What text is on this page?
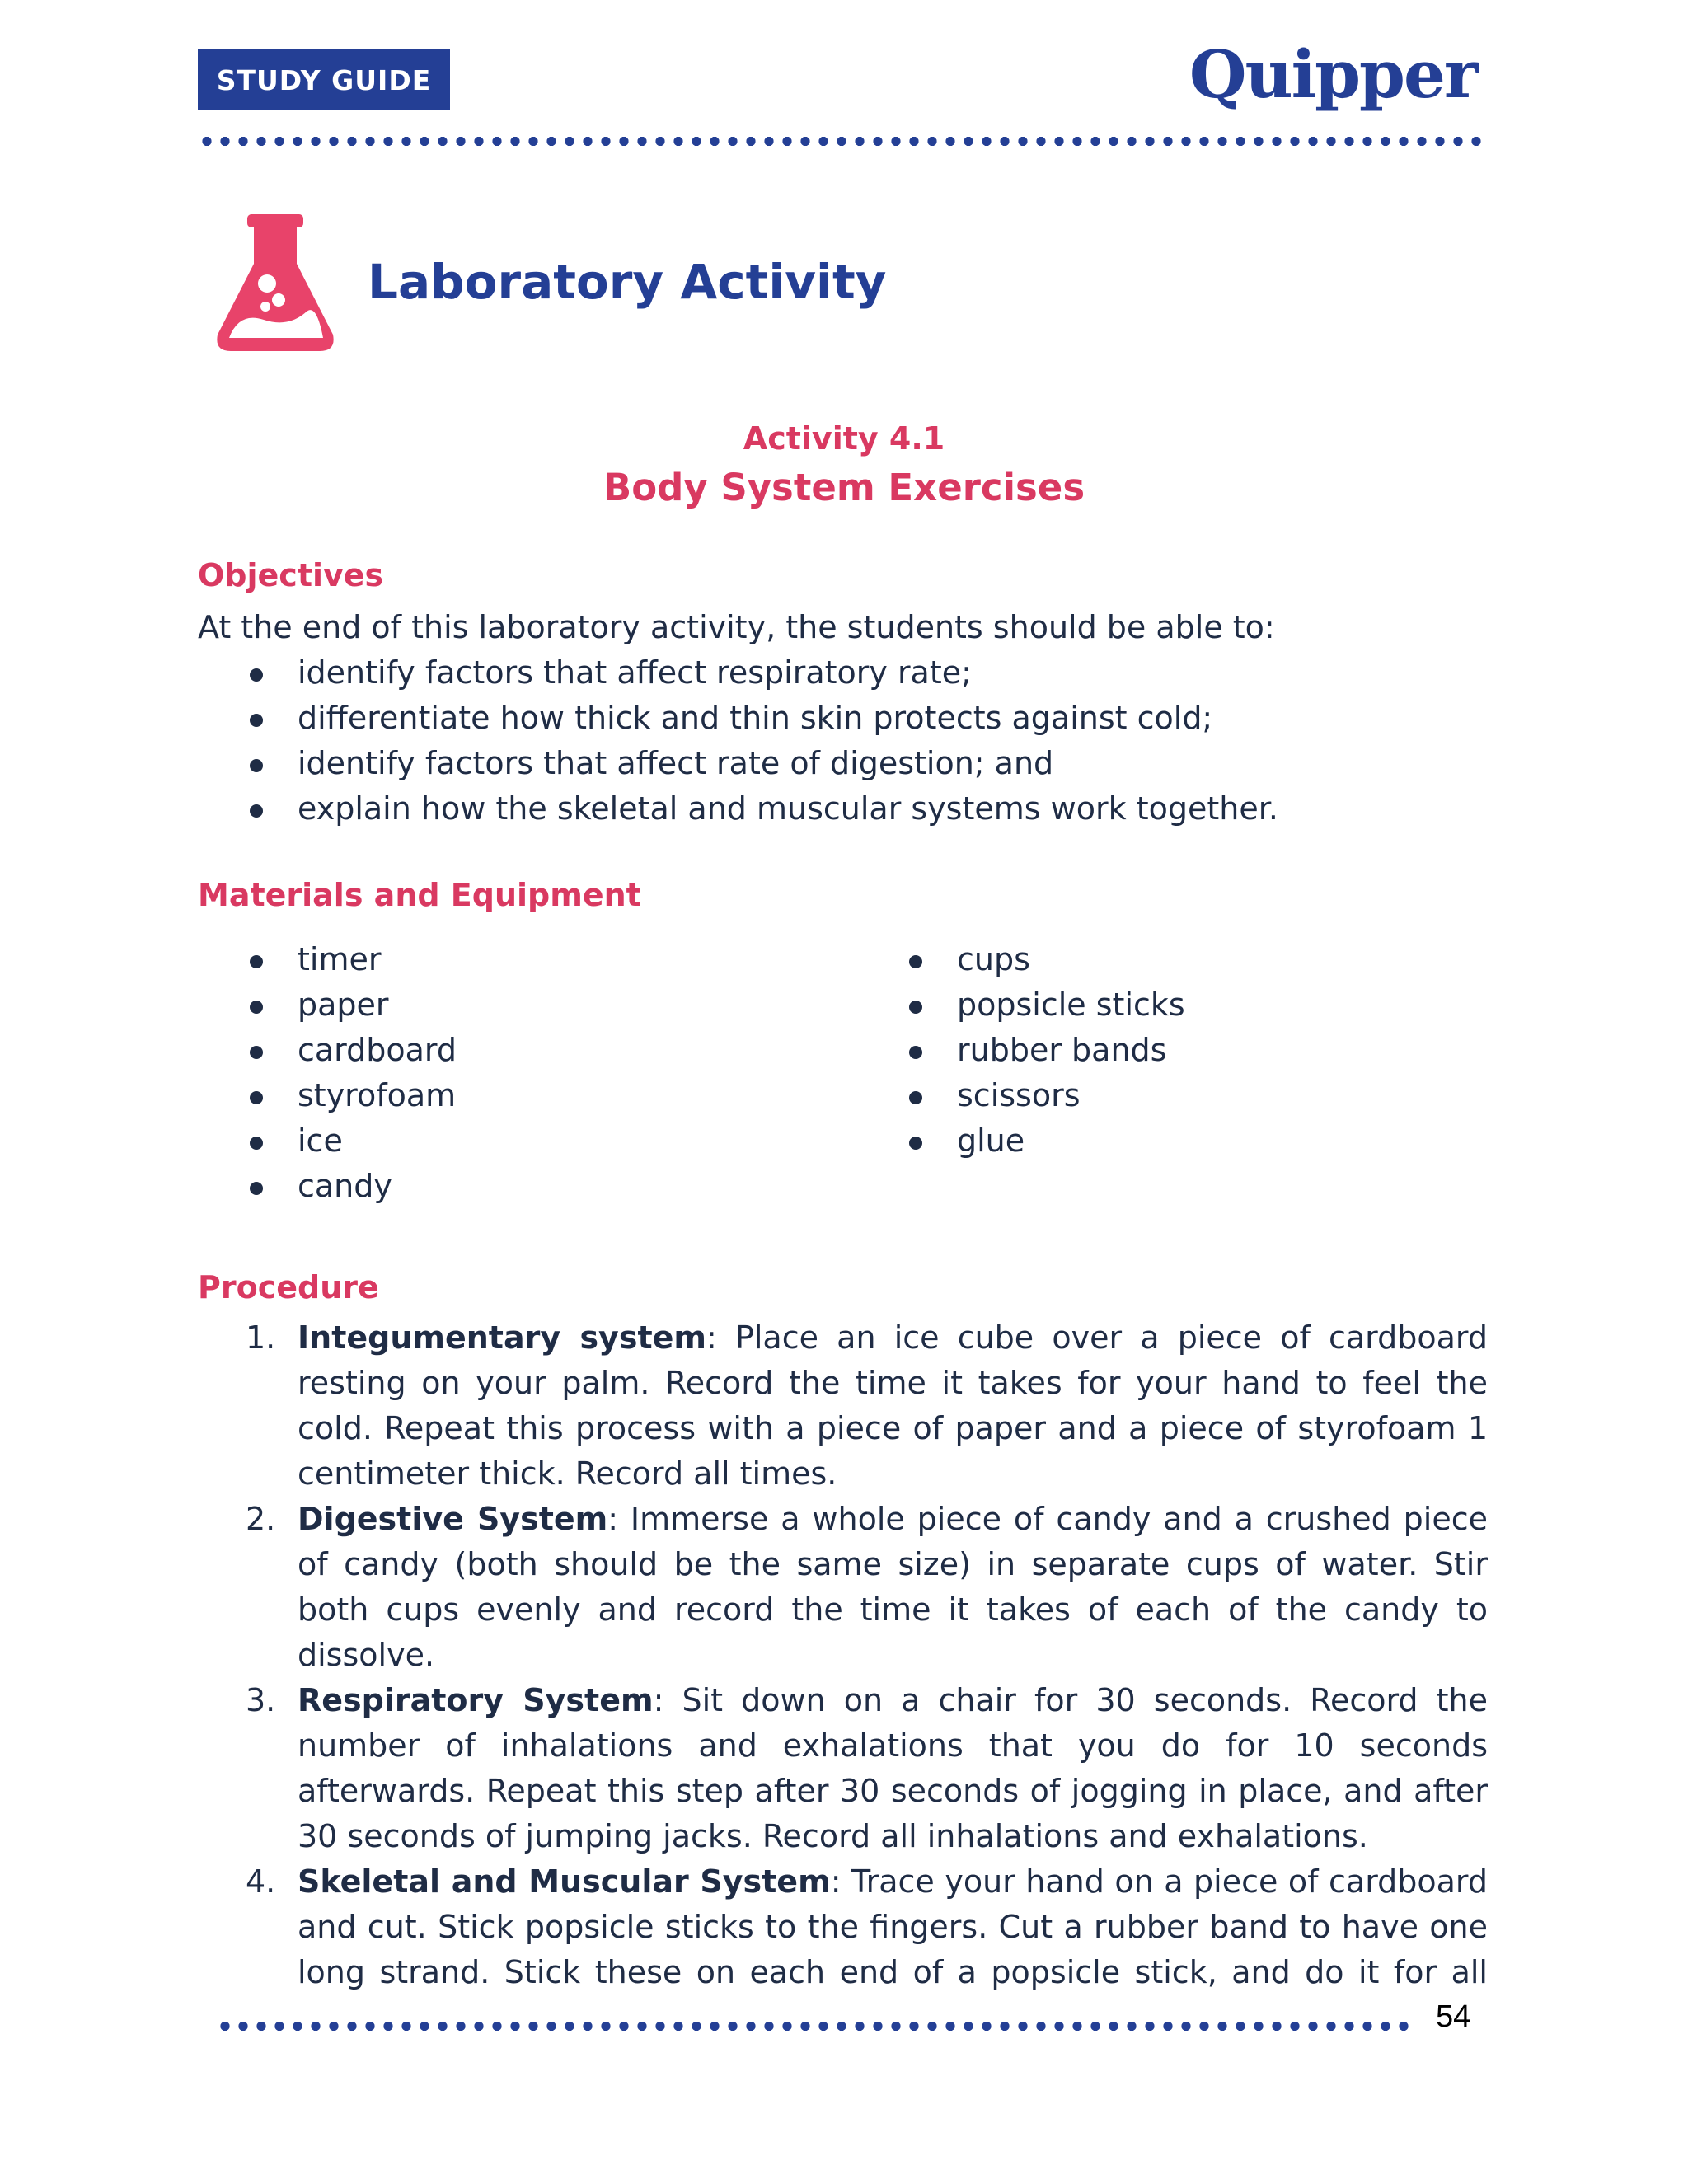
STUDY GUIDE	Quipper
Laboratory Activity
Activity 4.1
Body System Exercises
Objectives
At the end of this laboratory activity, the students should be able to:
identify factors that affect respiratory rate;
differentiate how thick and thin skin protects against cold;
identify factors that affect rate of digestion; and
explain how the skeletal and muscular systems work together.
Materials and Equipment
timer
paper
cardboard
styrofoam
ice
candy
cups
popsicle sticks
rubber bands
scissors
glue
Procedure
1. Integumentary system: Place an ice cube over a piece of cardboard resting on your palm. Record the time it takes for your hand to feel the cold. Repeat this process with a piece of paper and a piece of styrofoam 1 centimeter thick. Record all times.
2. Digestive System: Immerse a whole piece of candy and a crushed piece of candy (both should be the same size) in separate cups of water. Stir both cups evenly and record the time it takes of each of the candy to dissolve.
3. Respiratory System: Sit down on a chair for 30 seconds. Record the number of inhalations and exhalations that you do for 10 seconds afterwards. Repeat this step after 30 seconds of jogging in place, and after 30 seconds of jumping jacks. Record all inhalations and exhalations.
4. Skeletal and Muscular System: Trace your hand on a piece of cardboard and cut. Stick popsicle sticks to the fingers. Cut a rubber band to have one long strand. Stick these on each end of a popsicle stick, and do it for all
54
